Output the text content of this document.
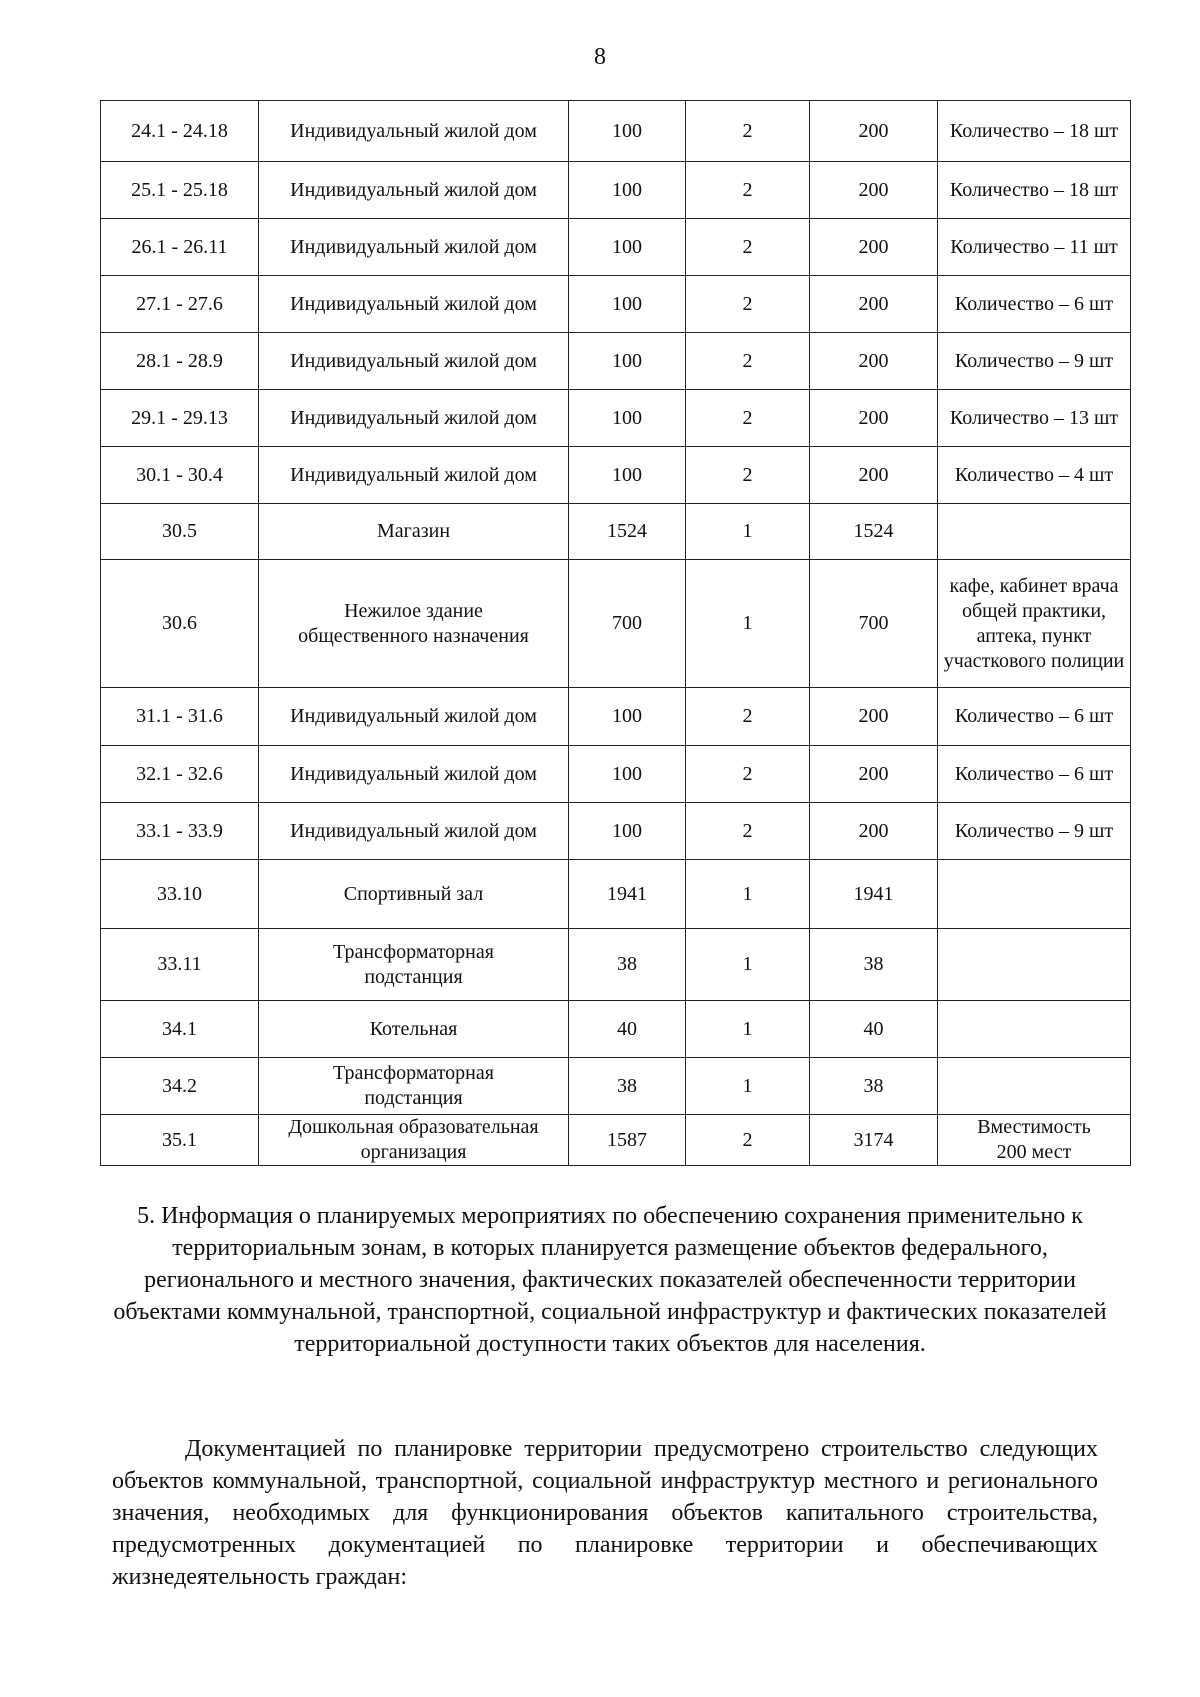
8
24.1 - 24.18	Индивидуальный жилой дом	100	2	200	Количество – 18 шт
25.1 - 25.18	Индивидуальный жилой дом	100	2	200	Количество – 18 шт
26.1 - 26.11	Индивидуальный жилой дом	100	2	200	Количество – 11 шт
27.1 - 27.6	Индивидуальный жилой дом	100	2	200	Количество – 6 шт
28.1 - 28.9	Индивидуальный жилой дом	100	2	200	Количество – 9 шт
29.1 - 29.13	Индивидуальный жилой дом	100	2	200	Количество – 13 шт
30.1 - 30.4	Индивидуальный жилой дом	100	2	200	Количество – 4 шт
30.5	Магазин	1524	1	1524	
30.6	Нежилое здание общественного назначения	700	1	700	кафе, кабинет врача общей практики, аптека, пункт участкового полиции
31.1 - 31.6	Индивидуальный жилой дом	100	2	200	Количество – 6 шт
32.1 - 32.6	Индивидуальный жилой дом	100	2	200	Количество – 6 шт
33.1 - 33.9	Индивидуальный жилой дом	100	2	200	Количество – 9 шт
33.10	Спортивный зал	1941	1	1941	
33.11	Трансформаторная подстанция	38	1	38	
34.1	Котельная	40	1	40	
34.2	Трансформаторная подстанция	38	1	38	
35.1	Дошкольная образовательная организация	1587	2	3174	Вместимость 200 мест
5. Информация о планируемых мероприятиях по обеспечению сохранения применительно к территориальным зонам, в которых планируется размещение объектов федерального, регионального и местного значения, фактических показателей обеспеченности территории объектами коммунальной, транспортной, социальной инфраструктур и фактических показателей территориальной доступности таких объектов для населения.

Документацией по планировке территории предусмотрено строительство следующих объектов коммунальной, транспортной, социальной инфраструктур местного и регионального значения, необходимых для функционирования объектов капитального строительства, предусмотренных документацией по планировке территории и обеспечивающих жизнедеятельность граждан:
